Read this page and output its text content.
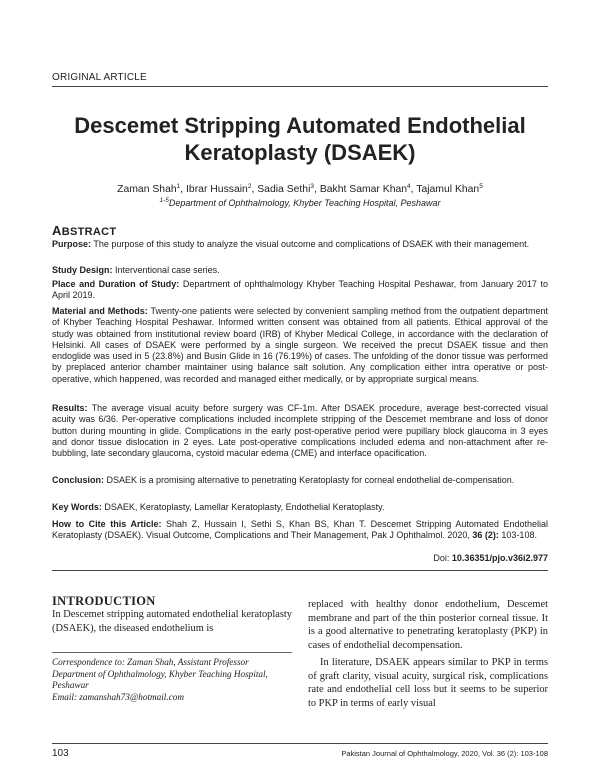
ORIGINAL ARTICLE
Descemet Stripping Automated Endothelial
Keratoplasty (DSAEK)
Zaman Shah$^1$, Ibrar Hussain$^2$, Sadia Sethi$^3$, Bakht Samar Khan$^4$, Tajamul Khan$^5$
$^{1-5}$Department of Ophthalmology, Khyber Teaching Hospital, Peshawar
ABSTRACT

Purpose: The purpose of this study to analyze the visual outcome and complications of DSAEK with their management.

Study Design: Interventional case series.

Place and Duration of Study: Department of ophthalmology Khyber Teaching Hospital Peshawar, from January 2017 to April 2019.

Material and Methods: Twenty-one patients were selected by convenient sampling method from the outpatient department of Khyber Teaching Hospital Peshawar. Informed written consent was obtained from all patients. Ethical approval of the study was obtained from institutional review board (IRB) of Khyber Medical College, in accordance with the declaration of Helsinki. All cases of DSAEK were performed by a single surgeon. We received the precut DSAEK tissue and then endoglide was used in 5 (23.8%) and Busin Glide in 16 (76.19%) of cases. The unfolding of the donor tissue was performed by preplaced anterior chamber maintainer using balance salt solution. Any complication either intra operative or post-operative, which happened, was recorded and managed either medically, or by appropriate surgical means.

Results: The average visual acuity before surgery was CF-1m. After DSAEK procedure, average best-corrected visual acuity was 6/36. Per-operative complications included incomplete stripping of the Descemet membrane and loss of donor button during mounting in glide. Complications in the early post-operative period were pupillary block glaucoma in 3 eyes and donor tissue dislocation in 2 eyes. Late post-operative complications included edema and non-attachment after re-bubbling, late secondary glaucoma, cystoid macular edema (CME) and interface opacification.

Conclusion: DSAEK is a promising alternative to penetrating Keratoplasty for corneal endothelial de-compensation.

Key Words: DSAEK, Keratoplasty, Lamellar Keratoplasty, Endothelial Keratoplasty.

How to Cite this Article: Shah Z, Hussain I, Sethi S, Khan BS, Khan T. Descemet Stripping Automated Endothelial Keratoplasty (DSAEK). Visual Outcome, Complications and Their Management, Pak J Ophthalmol. 2020, 36 (2): 103-108.

Doi: 10.36351/pjo.v36i2.977
INTRODUCTION

In Descemet stripping automated endothelial keratoplasty (DSAEK), the diseased endothelium is

replaced with healthy donor endothelium, Descemet membrane and part of the thin posterior corneal tissue. It is a good alternative to penetrating keratoplasty (PKP) in cases of endothelial decompensation.

In literature, DSAEK appears similar to PKP in terms of graft clarity, visual acuity, surgical risk, complications rate and endothelial cell loss but it seems to be superior to PKP in terms of early visual

Correspondence to: Zaman Shah, Assistant Professor
Department of Ophthalmology, Khyber Teaching Hospital, Peshawar
Email: zamanshah73@hotmail.com
103	Pakistan Journal of Ophthalmology, 2020, Vol. 36 (2): 103-108
